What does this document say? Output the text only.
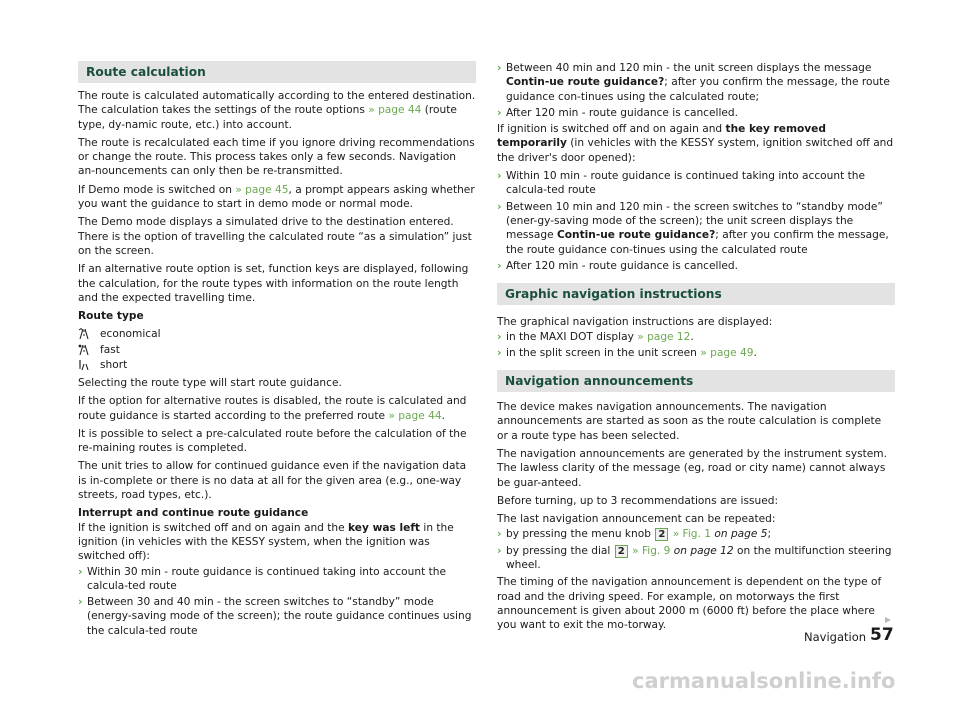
Route calculation

The route is calculated automatically according to the entered destination. The calculation takes the settings of the route options » page 44 (route type, dy-namic route, etc.) into account.

The route is recalculated each time if you ignore driving recommendations or change the route. This process takes only a few seconds. Navigation an-nouncements can only then be re-transmitted.

If Demo mode is switched on » page 45, a prompt appears asking whether you want the guidance to start in demo mode or normal mode.

The Demo mode displays a simulated drive to the destination entered. There is the option of travelling the calculated route “as a simulation” just on the screen.

If an alternative route option is set, function keys are displayed, following the calculation, for the route types with information on the route length and the expected travelling time.

Route type

economical
fast
short

Selecting the route type will start route guidance.

If the option for alternative routes is disabled, the route is calculated and route guidance is started according to the preferred route » page 44.

It is possible to select a pre-calculated route before the calculation of the re-maining routes is completed.

The unit tries to allow for continued guidance even if the navigation data is in-complete or there is no data at all for the given area (e.g., one-way streets, road types, etc.).

Interrupt and continue route guidance

If the ignition is switched off and on again and the key was left in the ignition (in vehicles with the KESSY system, when the ignition was switched off):

› Within 30 min - route guidance is continued taking into account the calcula-ted route
› Between 30 and 40 min - the screen switches to “standby” mode (energy-saving mode of the screen); the route guidance continues using the calcula-ted route
› Between 40 min and 120 min - the unit screen displays the message Contin-ue route guidance?; after you confirm the message, the route guidance con-tinues using the calculated route;
› After 120 min - route guidance is cancelled.

If ignition is switched off and on again and the key removed temporarily (in vehicles with the KESSY system, ignition switched off and the driver's door opened):

› Within 10 min - route guidance is continued taking into account the calcula-ted route
› Between 10 min and 120 min - the screen switches to “standby mode” (ener-gy-saving mode of the screen); the unit screen displays the message Contin-ue route guidance?; after you confirm the message, the route guidance con-tinues using the calculated route
› After 120 min - route guidance is cancelled.
Graphic navigation instructions

The graphical navigation instructions are displayed:

› in the MAXI DOT display » page 12.
› in the split screen in the unit screen » page 49.
Navigation announcements

The device makes navigation announcements. The navigation announcements are started as soon as the route calculation is complete or a route type has been selected.

The navigation announcements are generated by the instrument system. The lawless clarity of the message (eg, road or city name) cannot always be guar-anteed.

Before turning, up to 3 recommendations are issued:

The last navigation announcement can be repeated:

› by pressing the menu knob 2 » Fig. 1 on page 5;
› by pressing the dial 2 » Fig. 9 on page 12 on the multifunction steering wheel.

The timing of the navigation announcement is dependent on the type of road and the driving speed. For example, on motorways the first announcement is given about 2000 m (6000 ft) before the place where you want to exit the mo-torway.

Navigation 57
carmanualsonline.info
